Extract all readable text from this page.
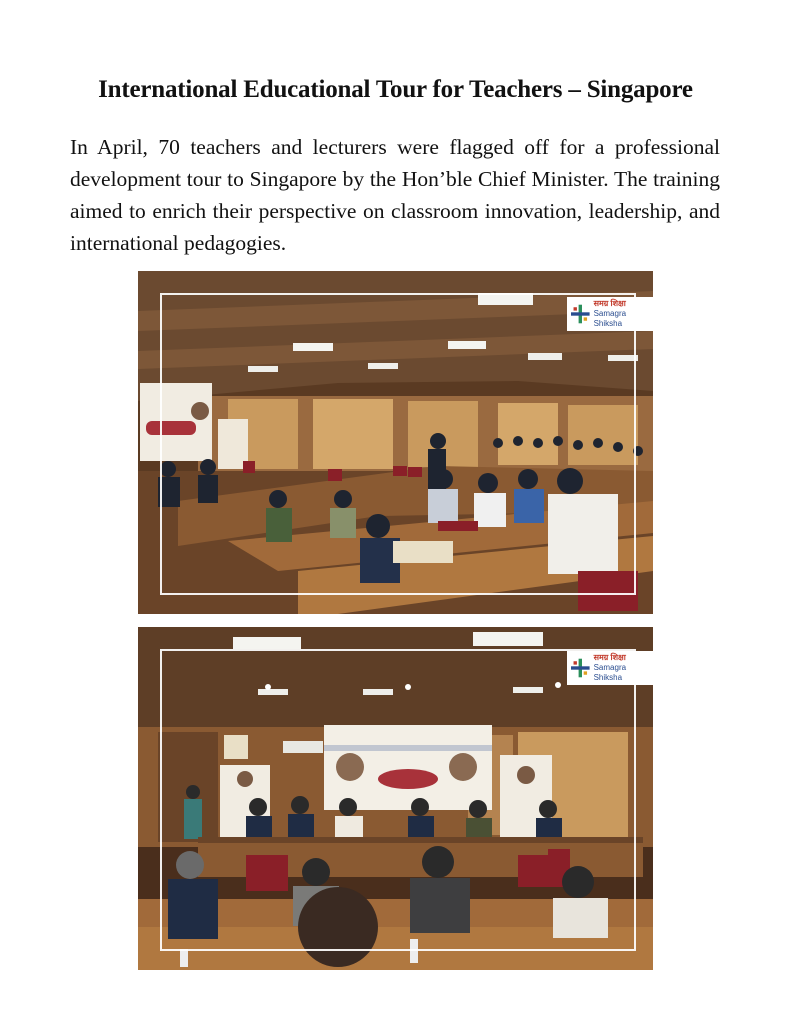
International Educational Tour for Teachers – Singapore
In April, 70 teachers and lecturers were flagged off for a professional development tour to Singapore by the Hon’ble Chief Minister. The training aimed to enrich their perspective on classroom innovation, leadership, and international pedagogies.
समग्र शिक्षा
Samagra Shiksha
समग्र शिक्षा
Samagra Shiksha
